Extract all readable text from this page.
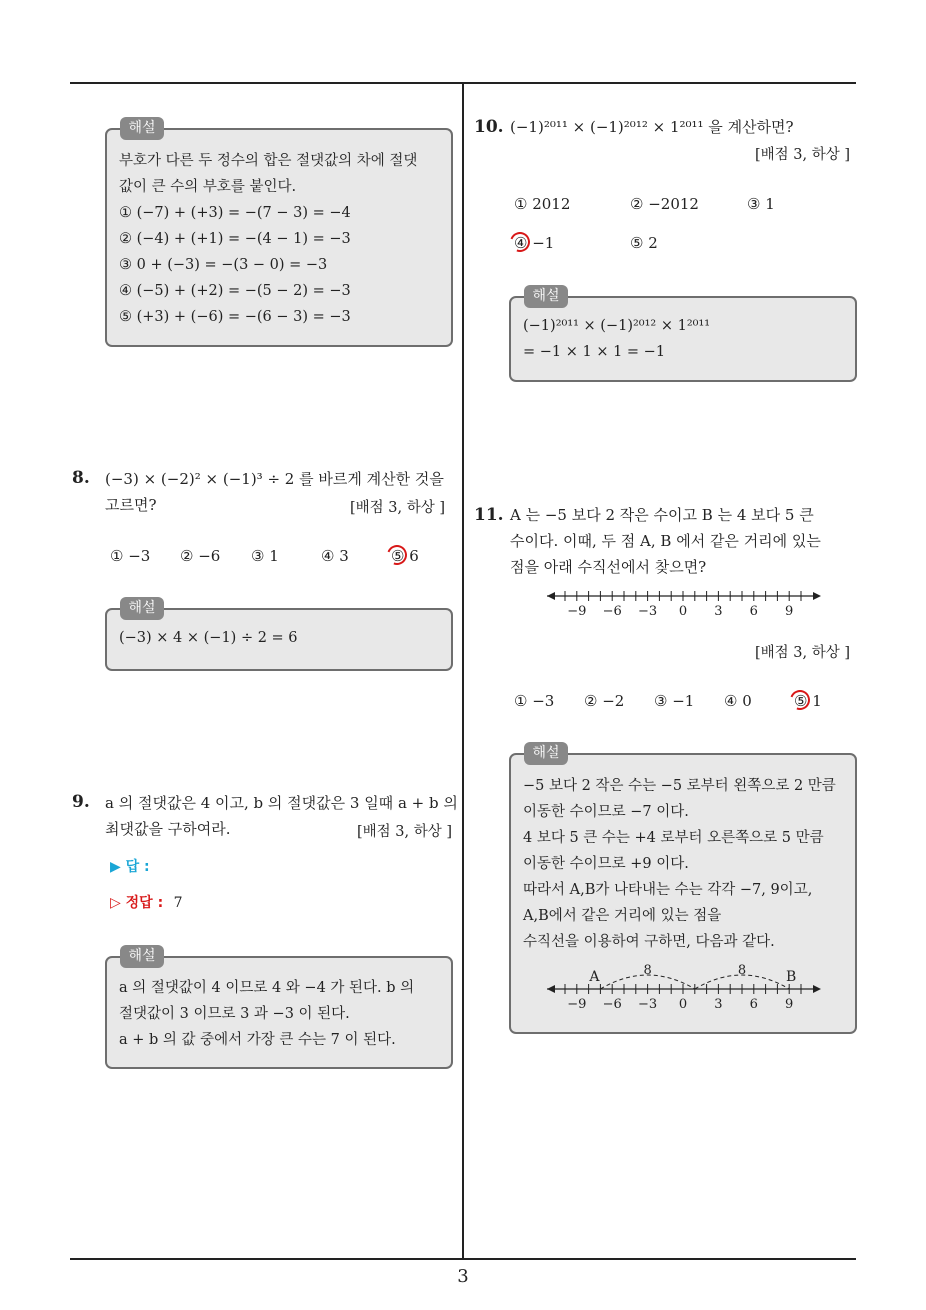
부호가 다른 두 정수의 합은 절댓값의 차에 절댓
값이 큰 수의 부호를 붙인다.
① (−7) + (+3) = −(7 − 3) = −4
② (−4) + (+1) = −(4 − 1) = −3
③ 0 + (−3) = −(3 − 0) = −3
④ (−5) + (+2) = −(5 − 2) = −3
⑤ (+3) + (−6) = −(6 − 3) = −3
해설
8. (−3) × (−2)² × (−1)³ ÷ 2 를 바르게 계산한 것을
고르면?	[배점 3, 하상 ]
① −3 ② −6 ③ 1	④ 3	⑤ 6
(−3) × 4 × (−1) ÷ 2 = 6
해설
9. a 의 절댓값은 4 이고, b 의 절댓값은 3 일때 a + b 의
최댓값을 구하여라.	[배점 3, 하상 ]
▶ 답 :
▷ 정답 : 7
a 의 절댓값이 4 이므로 4 와 −4 가 된다. b 의
절댓값이 3 이므로 3 과 −3 이 된다.
a + b 의 값 중에서 가장 큰 수는 7 이 된다.
해설
10. (−1)²⁰¹¹ × (−1)²⁰¹² × 1²⁰¹¹ 을 계산하면?
[배점 3, 하상 ]
① 2012	② −2012	③ 1
④ −1	⑤ 2
(−1)²⁰¹¹ × (−1)²⁰¹² × 1²⁰¹¹
= −1 × 1 × 1 = −1
해설
11. A 는 −5 보다 2 작은 수이고 B 는 4 보다 5 큰
수이다. 이때, 두 점 A, B 에서 같은 거리에 있는
점을 아래 수직선에서 찾으면?
−9 −6 −3 0 3 6 9
[배점 3, 하상 ]
① −3 ② −2 ③ −1 ④ 0	⑤ 1
−5 보다 2 작은 수는 −5 로부터 왼쪽으로 2 만큼
이동한 수이므로 −7 이다.
4 보다 5 큰 수는 +4 로부터 오른쪽으로 5 만큼
이동한 수이므로 +9 이다.
따라서 A,B가 나타내는 수는 각각 −7, 9이고,
A,B에서 같은 거리에 있는 점을
수직선을 이용하여 구하면, 다음과 같다.
해설
−9 −6 −3 0 3 6 9
A	B
8	8
3
